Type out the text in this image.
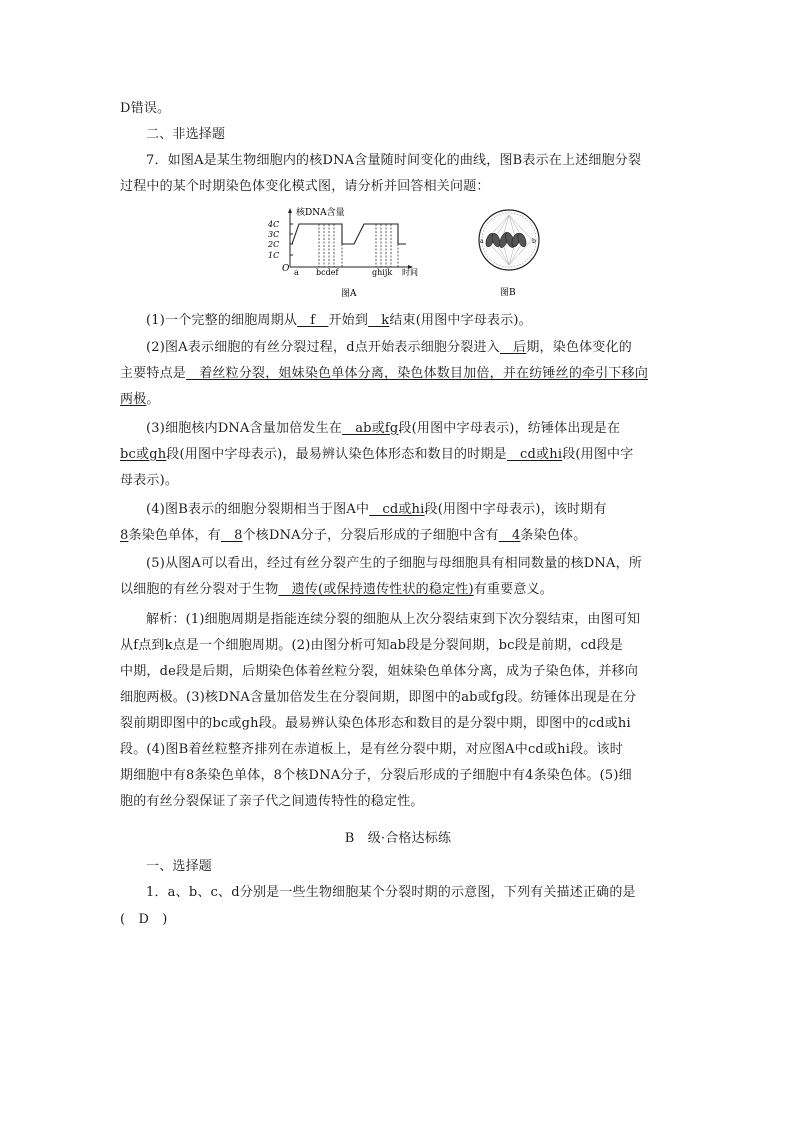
D错误。

二、非选择题

7．如图A是某生物细胞内的核DNA含量随时间变化的曲线，图B表示在上述细胞分裂

过程中的某个时期染色体变化模式图，请分析并回答相关问题：

核DNA含量
4C
3C
2C
1C
O a bcdef	ghijk 时间
图A
a	b
图B

(1)一个完整的细胞周期从　f　开始到　k结束(用图中字母表示)。

(2)图A表示细胞的有丝分裂过程，d点开始表示细胞分裂进入　后期，染色体变化的

主要特点是　着丝粒分裂，姐妹染色单体分离，染色体数目加倍，并在纺锤丝的牵引下移向

两极。

(3)细胞核内DNA含量加倍发生在　ab或fg段(用图中字母表示)，纺锤体出现是在

bc或gh段(用图中字母表示)，最易辨认染色体形态和数目的时期是　cd或hi段(用图中字

母表示)。

(4)图B表示的细胞分裂期相当于图A中　cd或hi段(用图中字母表示)，该时期有

8条染色单体，有　8个核DNA分子，分裂后形成的子细胞中含有　4条染色体。

(5)从图A可以看出，经过有丝分裂产生的子细胞与母细胞具有相同数量的核DNA，所

以细胞的有丝分裂对于生物　遗传(或保持遗传性状的稳定性)有重要意义。

解析：(1)细胞周期是指能连续分裂的细胞从上次分裂结束到下次分裂结束，由图可知

从f点到k点是一个细胞周期。(2)由图分析可知ab段是分裂间期，bc段是前期，cd段是

中期，de段是后期，后期染色体着丝粒分裂，姐妹染色单体分离，成为子染色体，并移向

细胞两极。(3)核DNA含量加倍发生在分裂间期，即图中的ab或fg段。纺锤体出现是在分

裂前期即图中的bc或gh段。最易辨认染色体形态和数目的是分裂中期，即图中的cd或hi

段。(4)图B着丝粒整齐排列在赤道板上，是有丝分裂中期，对应图A中cd或hi段。该时

期细胞中有8条染色单体，8个核DNA分子，分裂后形成的子细胞中有4条染色体。(5)细

胞的有丝分裂保证了亲子代之间遗传特性的稳定性。

B　级·合格达标练

一、选择题

1．a、b、c、d分别是一些生物细胞某个分裂时期的示意图，下列有关描述正确的是

(　D　)
